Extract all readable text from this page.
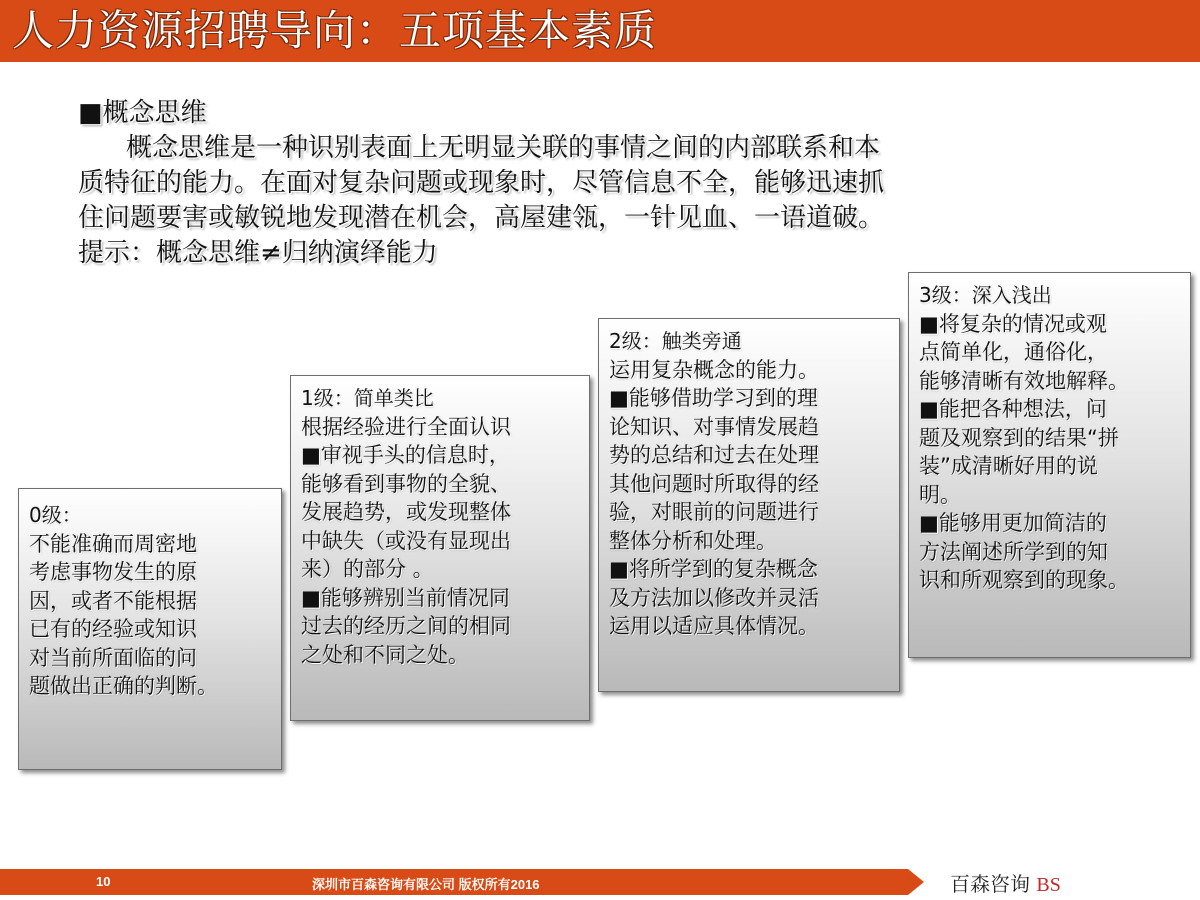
人力资源招聘导向：五项基本素质
■概念思维
概念思维是一种识别表面上无明显关联的事情之间的内部联系和本
质特征的能力。在面对复杂问题或现象时，尽管信息不全，能够迅速抓
住问题要害或敏锐地发现潜在机会，高屋建瓴，一针见血、一语道破。
提示：概念思维≠归纳演绎能力
0级：
不能准确而周密地
考虑事物发生的原
因，或者不能根据
已有的经验或知识
对当前所面临的问
题做出正确的判断。
1级：简单类比
根据经验进行全面认识
■审视手头的信息时，
能够看到事物的全貌、
发展趋势，或发现整体
中缺失（或没有显现出
来）的部分 。
■能够辨别当前情况同
过去的经历之间的相同
之处和不同之处。
2级：触类旁通
运用复杂概念的能力。
■能够借助学习到的理
论知识、对事情发展趋
势的总结和过去在处理
其他问题时所取得的经
验，对眼前的问题进行
整体分析和处理。
■将所学到的复杂概念
及方法加以修改并灵活
运用以适应具体情况。
3级：深入浅出
■将复杂的情况或观
点简单化，通俗化，
能够清晰有效地解释。
■能把各种想法，问
题及观察到的结果“拼
装”成清晰好用的说
明。
■能够用更加简洁的
方法阐述所学到的知
识和所观察到的现象。
10	深圳市百森咨询有限公司 版权所有2016	百森咨询 BS
